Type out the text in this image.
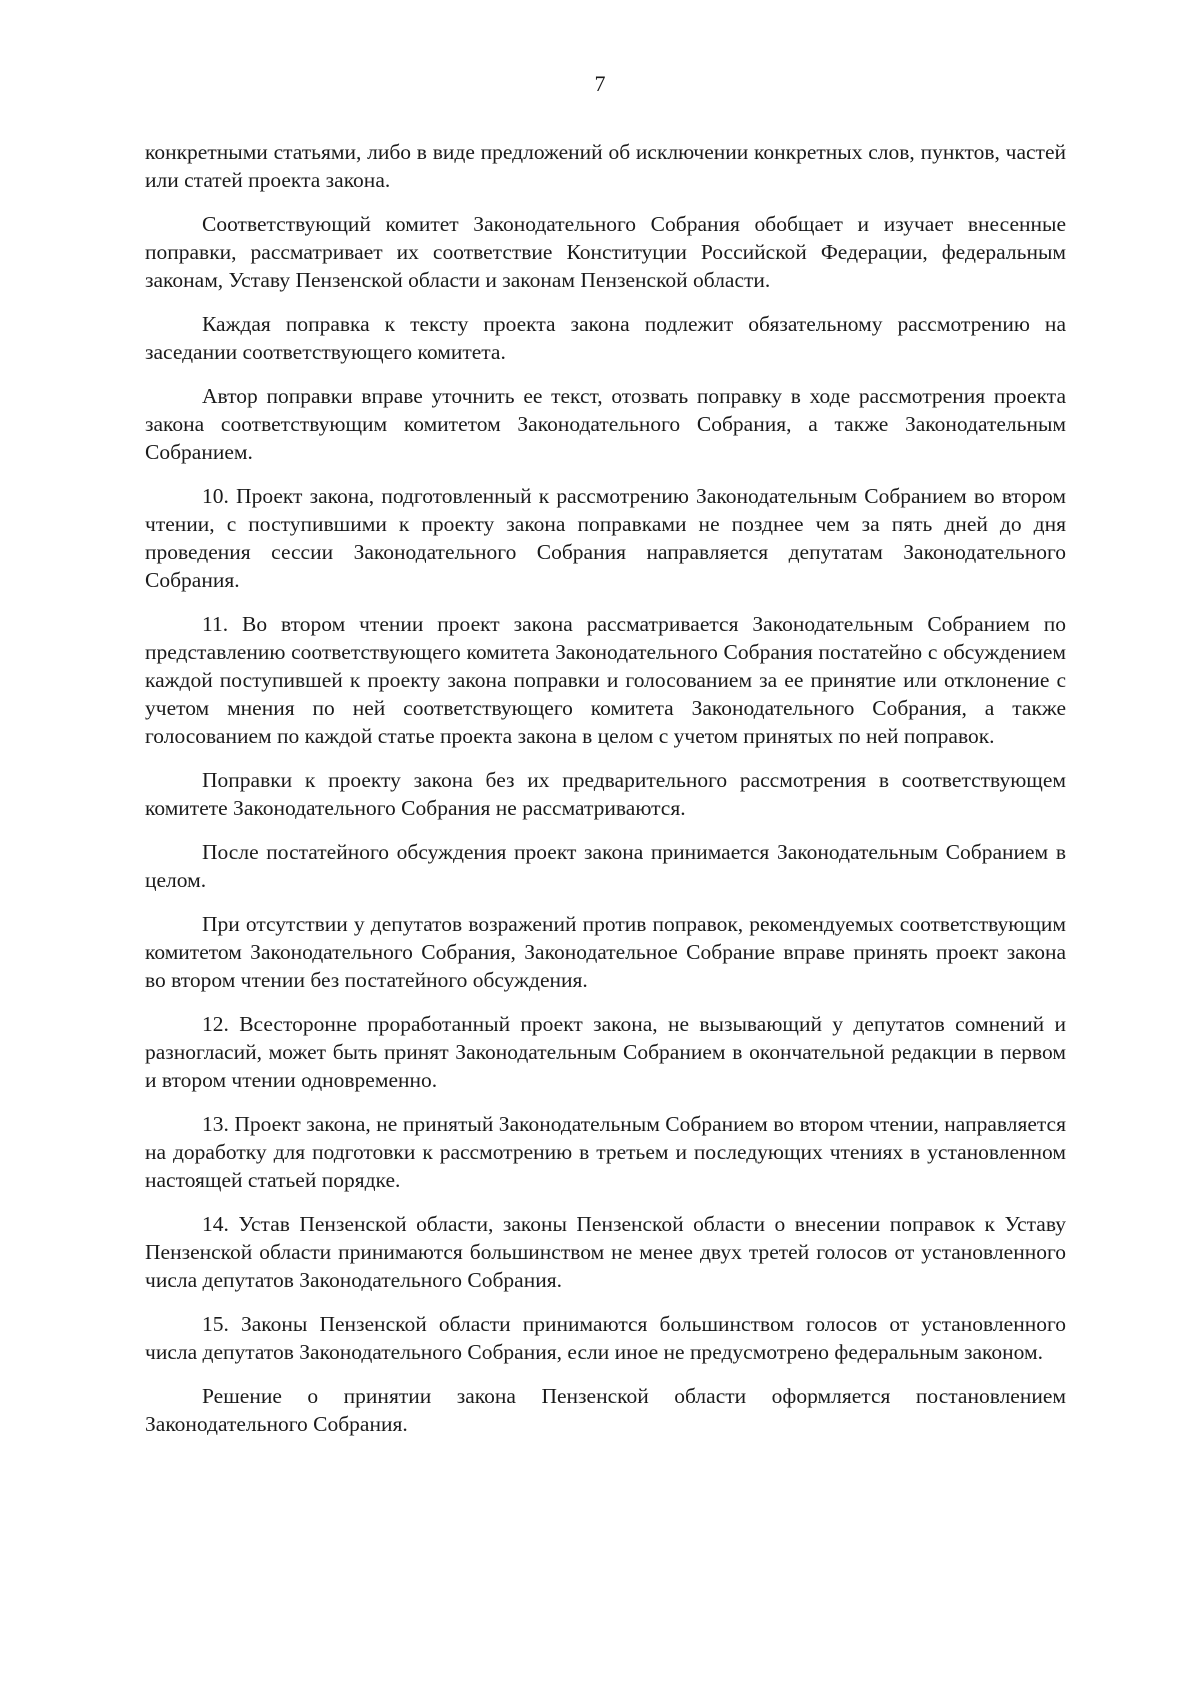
7

конкретными статьями, либо в виде предложений об исключении конкретных слов, пунктов, частей или статей проекта закона.

Соответствующий комитет Законодательного Собрания обобщает и изучает внесенные поправки, рассматривает их соответствие Конституции Российской Федерации, федеральным законам, Уставу Пензенской области и законам Пензенской области.

Каждая поправка к тексту проекта закона подлежит обязательному рассмотрению на заседании соответствующего комитета.

Автор поправки вправе уточнить ее текст, отозвать поправку в ходе рассмотрения проекта закона соответствующим комитетом Законодательного Собрания, а также Законодательным Собранием.

10. Проект закона, подготовленный к рассмотрению Законодательным Собранием во втором чтении, с поступившими к проекту закона поправками не позднее чем за пять дней до дня проведения сессии Законодательного Собрания направляется депутатам Законодательного Собрания.

11. Во втором чтении проект закона рассматривается Законодательным Собранием по представлению соответствующего комитета Законодательного Собрания постатейно с обсуждением каждой поступившей к проекту закона поправки и голосованием за ее принятие или отклонение с учетом мнения по ней соответствующего комитета Законодательного Собрания, а также голосованием по каждой статье проекта закона в целом с учетом принятых по ней поправок.

Поправки к проекту закона без их предварительного рассмотрения в соответствующем комитете Законодательного Собрания не рассматриваются.

После постатейного обсуждения проект закона принимается Законодательным Собранием в целом.

При отсутствии у депутатов возражений против поправок, рекомендуемых соответствующим комитетом Законодательного Собрания, Законодательное Собрание вправе принять проект закона во втором чтении без постатейного обсуждения.

12. Всесторонне проработанный проект закона, не вызывающий у депутатов сомнений и разногласий, может быть принят Законодательным Собранием в окончательной редакции в первом и втором чтении одновременно.

13. Проект закона, не принятый Законодательным Собранием во втором чтении, направляется на доработку для подготовки к рассмотрению в третьем и последующих чтениях в установленном настоящей статьей порядке.

14. Устав Пензенской области, законы Пензенской области о внесении поправок к Уставу Пензенской области принимаются большинством не менее двух третей голосов от установленного числа депутатов Законодательного Собрания.

15. Законы Пензенской области принимаются большинством голосов от установленного числа депутатов Законодательного Собрания, если иное не предусмотрено федеральным законом.

Решение о принятии закона Пензенской области оформляется постановлением Законодательного Собрания.
